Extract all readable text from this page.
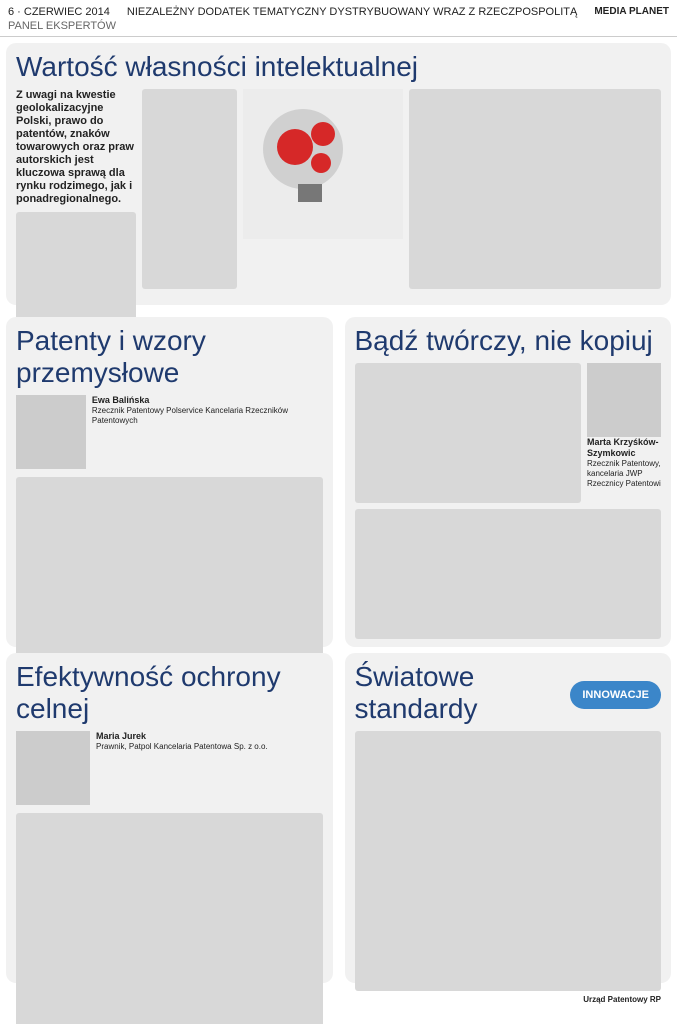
6 · CZERWIEC 2014 NIEZALEŻNY DODATEK TEMATYCZNY DYSTRYBUOWANY WRAZ Z RZECZPOSPOLITĄ MEDIA PLANET
PANEL EKSPERTÓW
Wartość własności intelektualnej
Z uwagi na kwestie geolokalizacyjne Polski, prawo do patentów, znaków towarowych oraz praw autorskich jest kluczowa sprawą dla rynku rodzimego, jak i ponadregionalnego.
Patenty i wzory przemysłowe
Ewa Balińska
Rzecznik Patentowy Polservice Kancelaria Rzeczników Patentowych
Bądź twórczy, nie kopiuj
Marta Krzyśków-Szymkowic
Rzecznik Patentowy, kancelaria JWP Rzecznicy Patentowi
Efektywność ochrony celnej
Maria Jurek
Prawnik, Patpol Kancelaria Patentowa Sp. z o.o.
Światowe standardy	INNOWACJE
Urząd Patentowy RP
